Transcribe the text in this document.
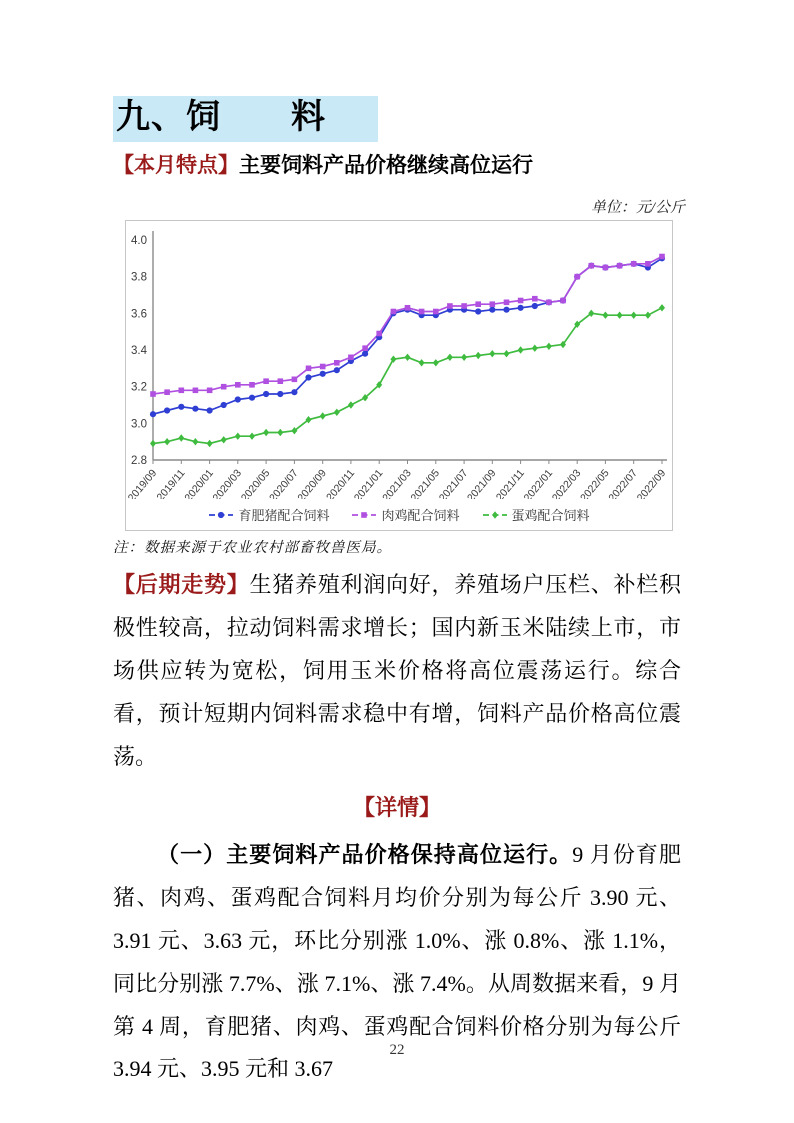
九、饲　　料

【本月特点】主要饲料产品价格继续高位运行

单位：元/公斤
2.8
3.0
3.2
3.4
3.6
3.8
4.0
2019/09
2019/11
2020/01
2020/03
2020/05
2020/07
2020/09
2020/11
2021/01
2021/03
2021/05
2021/07
2021/09
2021/11
2022/01
2022/03
2022/05
2022/07
2022/09
育肥猪配合饲料	肉鸡配合饲料	蛋鸡配合饲料

注：数据来源于农业农村部畜牧兽医局。

【后期走势】生猪养殖利润向好，养殖场户压栏、补栏积极性较高，拉动饲料需求增长；国内新玉米陆续上市，市场供应转为宽松，饲用玉米价格将高位震荡运行。综合看，预计短期内饲料需求稳中有增，饲料产品价格高位震荡。

【详情】

（一）主要饲料产品价格保持高位运行。9 月份育肥猪、肉鸡、蛋鸡配合饲料月均价分别为每公斤 3.90 元、3.91 元、3.63 元，环比分别涨 1.0%、涨 0.8%、涨 1.1%，同比分别涨 7.7%、涨 7.1%、涨 7.4%。从周数据来看，9 月第 4 周，育肥猪、肉鸡、蛋鸡配合饲料价格分别为每公斤 3.94 元、3.95 元和 3.67

22
